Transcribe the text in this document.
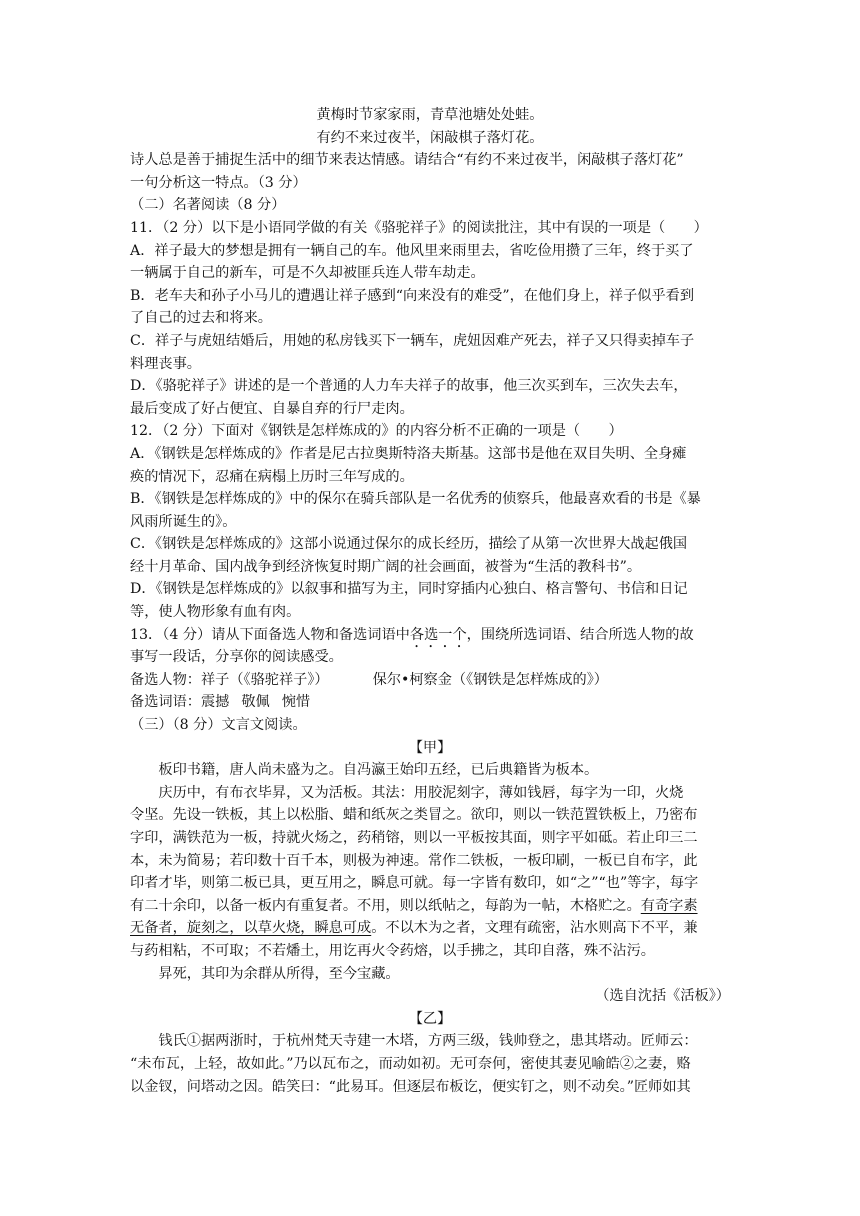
黄梅时节家家雨，青草池塘处处蛙。
有约不来过夜半，闲敲棋子落灯花。
诗人总是善于捕捉生活中的细节来表达情感。请结合“有约不来过夜半，闲敲棋子落灯花”
一句分析这一特点。（3 分）
（二）名著阅读（8 分）
11．（2 分）以下是小语同学做的有关《骆驼祥子》的阅读批注，其中有误的一项是（　　）
A．祥子最大的梦想是拥有一辆自己的车。他风里来雨里去，省吃俭用攒了三年，终于买了
一辆属于自己的新车，可是不久却被匪兵连人带车劫走。
B．老车夫和孙子小马儿的遭遇让祥子感到“向来没有的难受”，在他们身上，祥子似乎看到
了自己的过去和将来。
C．祥子与虎妞结婚后，用她的私房钱买下一辆车，虎妞因难产死去，祥子又只得卖掉车子
料理丧事。
D．《骆驼祥子》讲述的是一个普通的人力车夫祥子的故事，他三次买到车，三次失去车，
最后变成了好占便宜、自暴自弃的行尸走肉。
12．（2 分）下面对《钢铁是怎样炼成的》的内容分析不正确的一项是（　　）
A．《钢铁是怎样炼成的》作者是尼古拉奥斯特洛夫斯基。这部书是他在双目失明、全身瘫
痪的情况下，忍痛在病榻上历时三年写成的。
B．《钢铁是怎样炼成的》中的保尔在骑兵部队是一名优秀的侦察兵，他最喜欢看的书是《暴
风雨所诞生的》。
C．《钢铁是怎样炼成的》这部小说通过保尔的成长经历，描绘了从第一次世界大战起俄国
经十月革命、国内战争到经济恢复时期广阔的社会画面，被誉为“生活的教科书”。
D．《钢铁是怎样炼成的》以叙事和描写为主，同时穿插内心独白、格言警句、书信和日记
等，使人物形象有血有肉。
13．（4 分）请从下面备选人物和备选词语中各选一个，围绕所选词语、结合所选人物的故
事写一段话，分享你的阅读感受。
备选人物：祥子（《骆驼祥子》）	保尔•柯察金（《钢铁是怎样炼成的》）
备选词语：震撼 敬佩 惋惜
（三）（8 分）文言文阅读。
【甲】
板印书籍，唐人尚未盛为之。自冯瀛王始印五经，已后典籍皆为板本。
庆历中，有布衣毕昇，又为活板。其法：用胶泥刻字，薄如钱唇，每字为一印，火烧
令坚。先设一铁板，其上以松脂、蜡和纸灰之类冒之。欲印，则以一铁范置铁板上，乃密布
字印，满铁范为一板，持就火炀之，药稍镕，则以一平板按其面，则字平如砥。若止印三二
本，未为简易；若印数十百千本，则极为神速。常作二铁板，一板印刷，一板已自布字，此
印者才毕，则第二板已具，更互用之，瞬息可就。每一字皆有数印，如“之”“也”等字，每字
有二十余印，以备一板内有重复者。不用，则以纸帖之，每韵为一帖，木格贮之。有奇字素
无备者，旋刻之，以草火烧，瞬息可成。不以木为之者，文理有疏密，沾水则高下不平，兼
与药相粘，不可取；不若燔土，用讫再火令药熔，以手拂之，其印自落，殊不沾污。
昇死，其印为余群从所得，至今宝藏。
（选自沈括《活板》）
【乙】
钱氏①据两浙时，于杭州梵天寺建一木塔，方两三级，钱帅登之，患其塔动。匠师云：
“未布瓦，上轻，故如此。”乃以瓦布之，而动如初。无可奈何，密使其妻见喻皓②之妻，赂
以金钗，问塔动之因。皓笑曰：“此易耳。但逐层布板讫，便实钉之，则不动矣。”匠师如其
